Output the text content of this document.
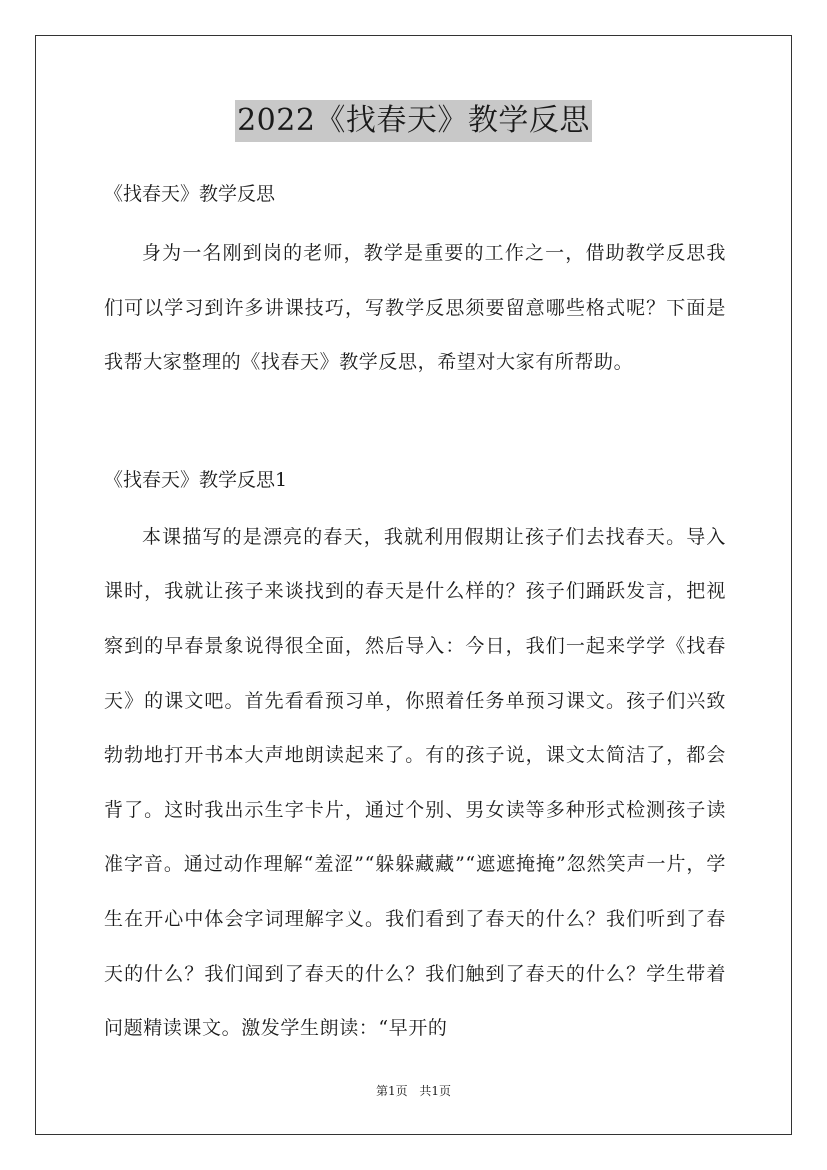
2022《找春天》教学反思

《找春天》教学反思

身为一名刚到岗的老师，教学是重要的工作之一，借助教学反思我们可以学习到许多讲课技巧，写教学反思须要留意哪些格式呢？下面是我帮大家整理的《找春天》教学反思，希望对大家有所帮助。

《找春天》教学反思1

本课描写的是漂亮的春天，我就利用假期让孩子们去找春天。导入课时，我就让孩子来谈找到的春天是什么样的？孩子们踊跃发言，把视察到的早春景象说得很全面，然后导入：今日，我们一起来学学《找春天》的课文吧。首先看看预习单，你照着任务单预习课文。孩子们兴致勃勃地打开书本大声地朗读起来了。有的孩子说，课文太简洁了，都会背了。这时我出示生字卡片，通过个别、男女读等多种形式检测孩子读准字音。通过动作理解“羞涩”“躲躲藏藏”“遮遮掩掩”忽然笑声一片，学生在开心中体会字词理解字义。我们看到了春天的什么？我们听到了春天的什么？我们闻到了春天的什么？我们触到了春天的什么？学生带着问题精读课文。激发学生朗读：“早开的

第1页 共1页
